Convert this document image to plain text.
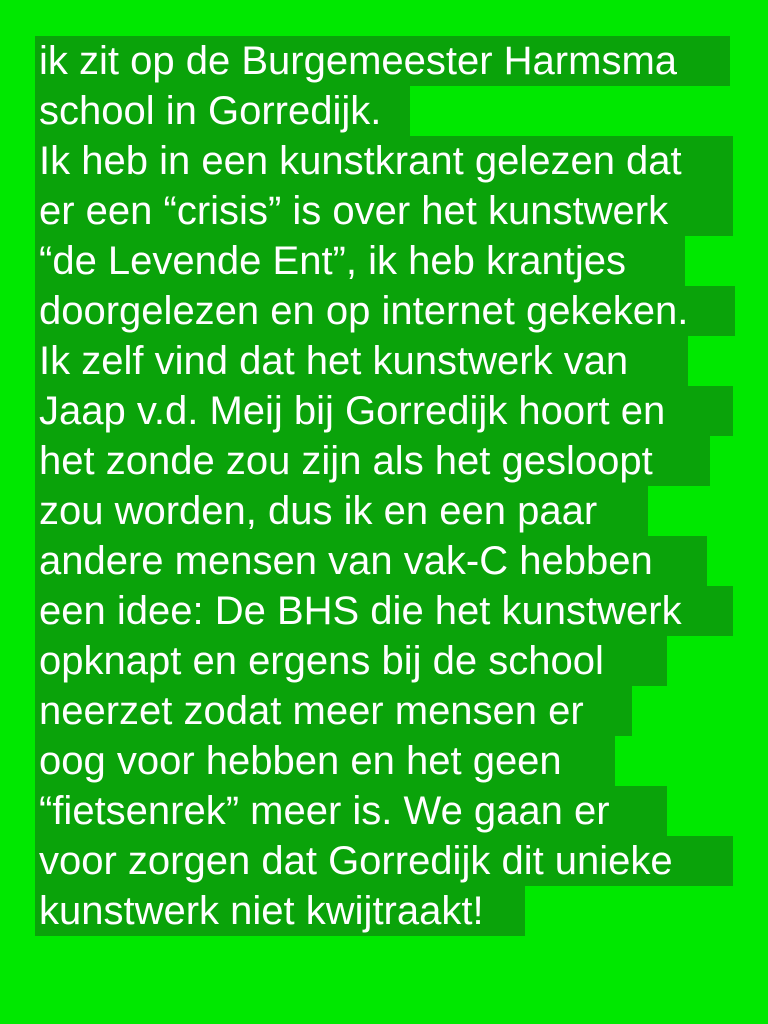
ik zit op de Burgemeester Harmsma
school in Gorredijk.
Ik heb in een kunstkrant gelezen dat
er een “crisis” is over het kunstwerk
“de Levende Ent”, ik heb krantjes
doorgelezen en op internet gekeken.
Ik zelf vind dat het kunstwerk van
Jaap v.d. Meij bij Gorredijk hoort en
het zonde zou zijn als het gesloopt
zou worden, dus ik en een paar
andere mensen van vak-C hebben
een idee: De BHS die het kunstwerk
opknapt en ergens bij de school
neerzet zodat meer mensen er
oog voor hebben en het geen
“fietsenrek” meer is. We gaan er
voor zorgen dat Gorredijk dit unieke
kunstwerk niet kwijtraakt!
